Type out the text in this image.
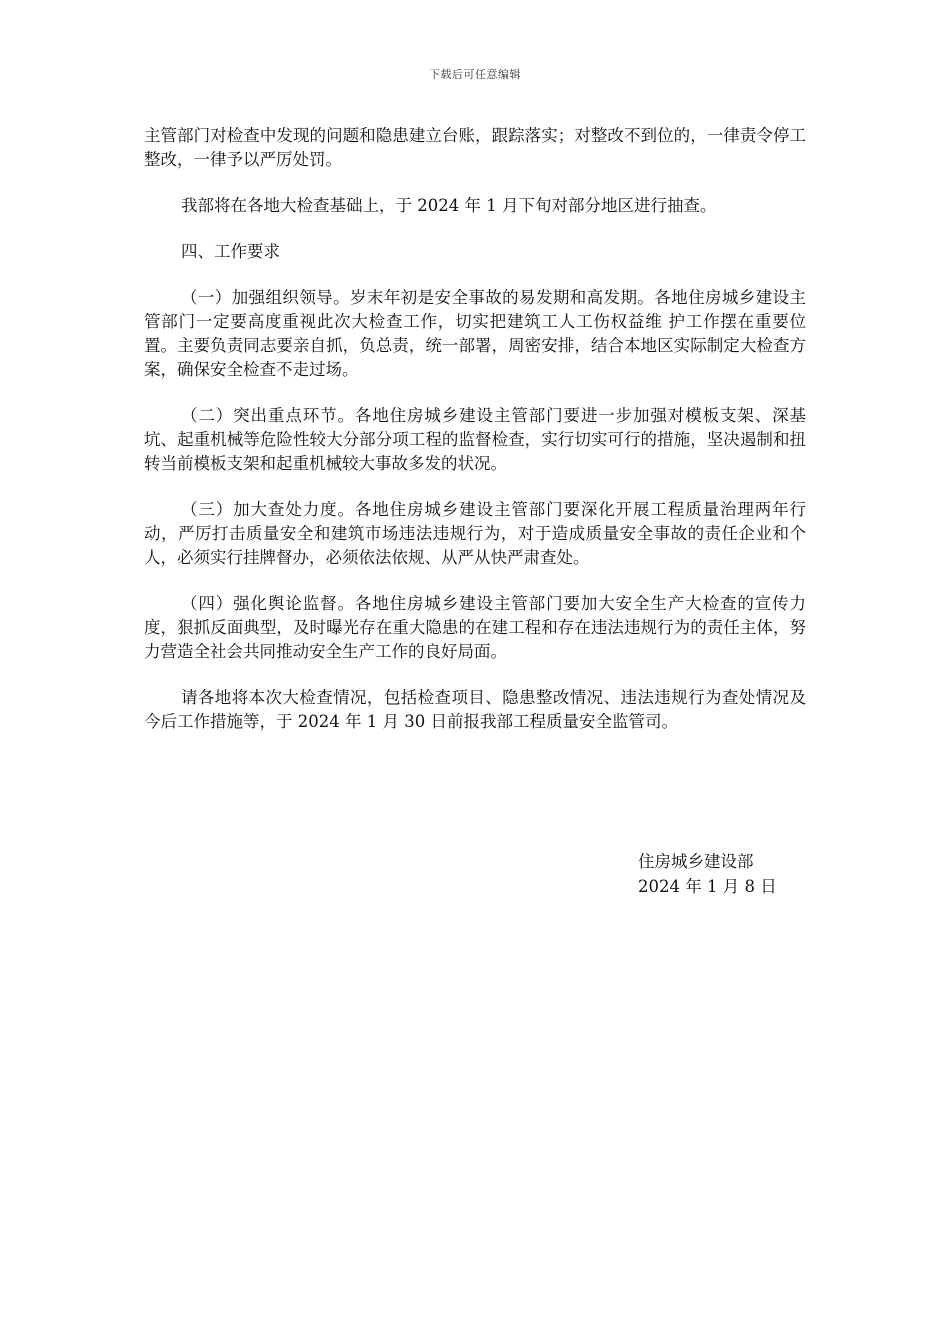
下载后可任意编辑

主管部门对检查中发现的问题和隐患建立台账，跟踪落实；对整改不到位的，一律责令停工整改，一律予以严厉处罚。

我部将在各地大检查基础上，于 2024 年 1 月下旬对部分地区进行抽查。

四、工作要求

（一）加强组织领导。岁末年初是安全事故的易发期和高发期。各地住房城乡建设主管部门一定要高度重视此次大检查工作，切实把建筑工人工伤权益维 护工作摆在重要位置。主要负责同志要亲自抓，负总责，统一部署，周密安排，结合本地区实际制定大检查方案，确保安全检查不走过场。

（二）突出重点环节。各地住房城乡建设主管部门要进一步加强对模板支架、深基坑、起重机械等危险性较大分部分项工程的监督检查，实行切实可行的措施，坚决遏制和扭转当前模板支架和起重机械较大事故多发的状况。

（三）加大查处力度。各地住房城乡建设主管部门要深化开展工程质量治理两年行动，严厉打击质量安全和建筑市场违法违规行为，对于造成质量安全事故的责任企业和个人，必须实行挂牌督办，必须依法依规、从严从快严肃查处。

（四）强化舆论监督。各地住房城乡建设主管部门要加大安全生产大检查的宣传力度，狠抓反面典型，及时曝光存在重大隐患的在建工程和存在违法违规行为的责任主体，努力营造全社会共同推动安全生产工作的良好局面。

请各地将本次大检查情况，包括检查项目、隐患整改情况、违法违规行为查处情况及今后工作措施等，于 2024 年 1 月 30 日前报我部工程质量安全监管司。

住房城乡建设部
2024 年 1 月 8 日
